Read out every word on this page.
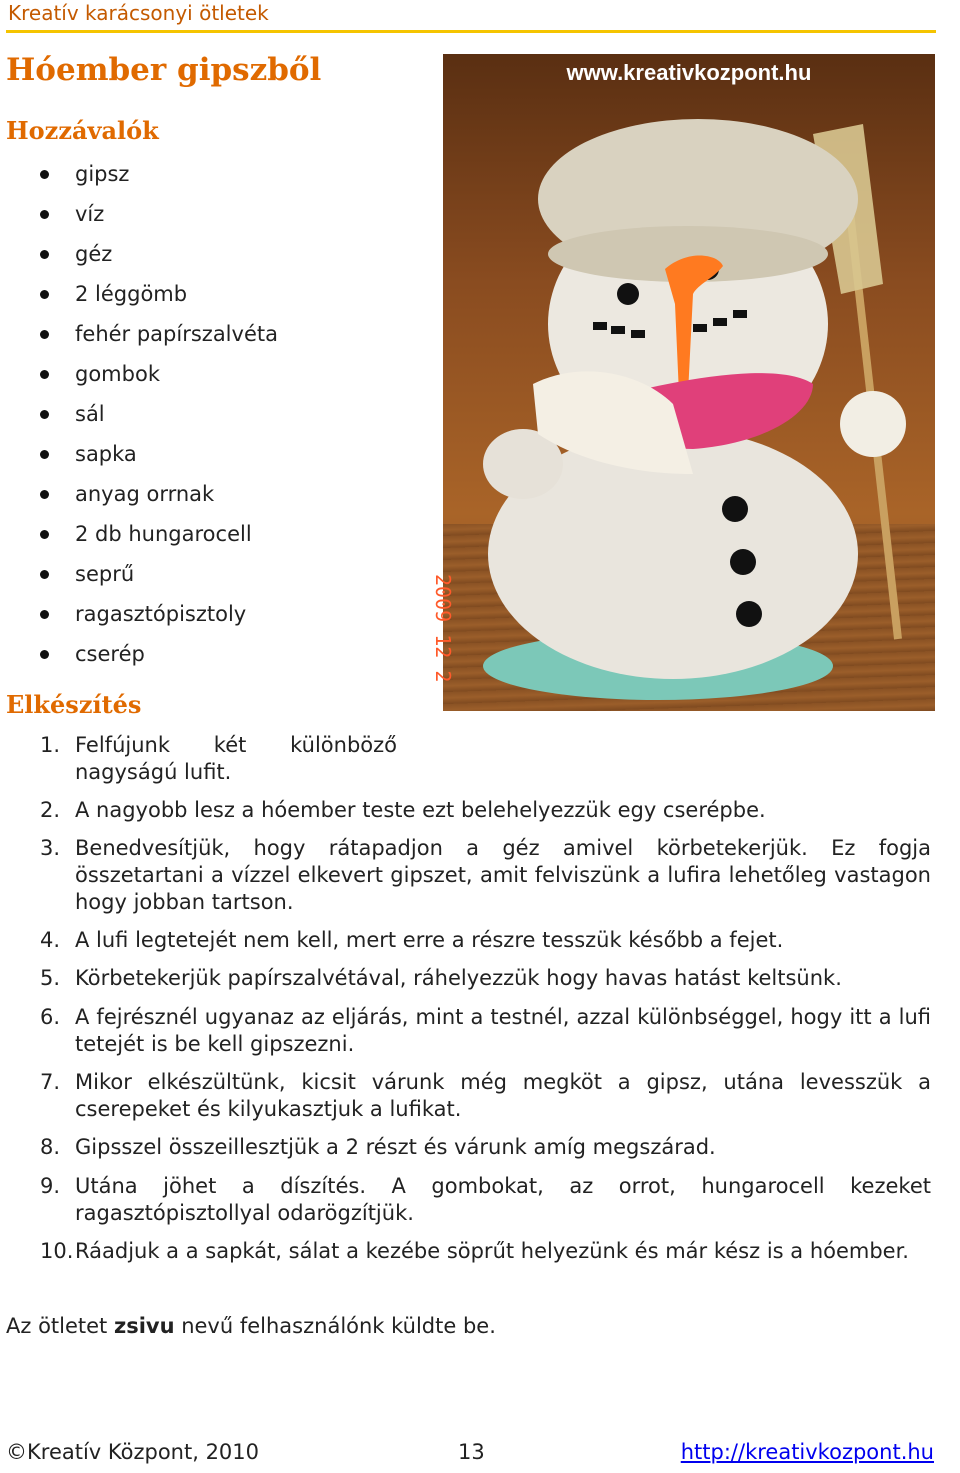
Kreatív karácsonyi ötletek
Hóember gipszből
Hozzávalók
gipsz
víz
géz
2 léggömb
fehér papírszalvéta
gombok
sál
sapka
anyag orrnak
2 db hungarocell
seprű
ragasztópisztoly
cserép
www.kreativkozpont.hu
2009 12 2
Elkészítés
1. Felfújunk két különböző nagyságú lufit.
2. A nagyobb lesz a hóember teste ezt belehelyezzük egy cserépbe.
3. Benedvesítjük, hogy rátapadjon a géz amivel körbetekerjük. Ez fogja összetartani a vízzel elkevert gipszet, amit felviszünk a lufira lehetőleg vastagon hogy jobban tartson.
4. A lufi legtetejét nem kell, mert erre a részre tesszük később a fejet.
5. Körbetekerjük papírszalvétával, ráhelyezzük hogy havas hatást keltsünk.
6. A fejrésznél ugyanaz az eljárás, mint a testnél, azzal különbséggel, hogy itt a lufi tetejét is be kell gipszezni.
7. Mikor elkészültünk, kicsit várunk még megköt a gipsz, utána levesszük a cserepeket és kilyukasztjuk a lufikat.
8. Gipsszel összeillesztjük a 2 részt és várunk amíg megszárad.
9. Utána jöhet a díszítés. A gombokat, az orrot, hungarocell kezeket ragasztópisztollyal odarögzítjük.
10. Ráadjuk a a sapkát, sálat a kezébe söprűt helyezünk és már kész is a hóember.

Az ötletet zsivu nevű felhasználónk küldte be.

©Kreatív Központ, 2010	13	http://kreativkozpont.hu
